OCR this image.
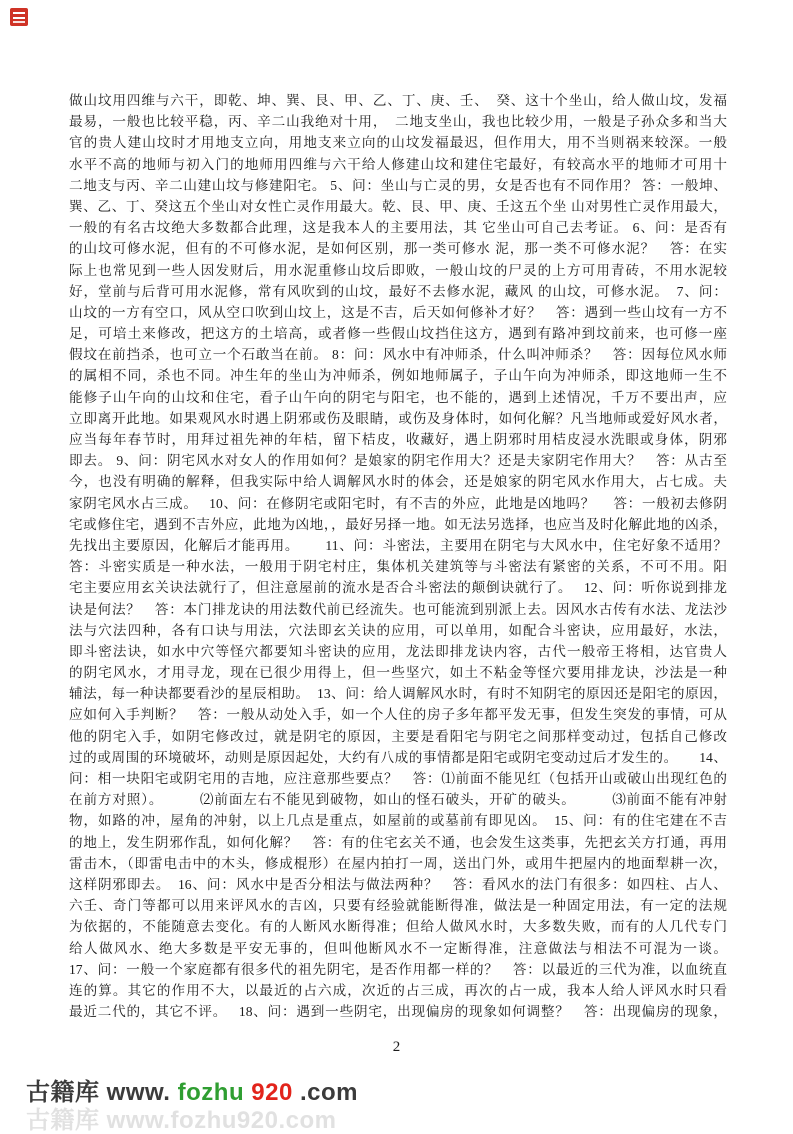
做山坟用四维与六干，即乾、坤、巽、艮、甲、乙、丁、庚、壬、　癸、这十个坐山，给人做山坟，发福
最易，一般也比较平稳，丙、辛二山我绝对十用，　二地支坐山，我也比较少用，一般是子孙众多和当大
官的贵人建山坟时才用地支立向，用地支来立向的山坟发福最迟，但作用大，用不当则祸来较深。一般
水平不高的地师与初入门的地师用四维与六干给人修建山坟和建住宅最好，有较高水平的地师才可用十
二地支与丙、辛二山建山坟与修建阳宅。 5、问：坐山与亡灵的男，女是否也有不同作用？ 答：一般坤、
巽、乙、丁、癸这五个坐山对女性亡灵作用最大。乾、艮、甲、庚、壬这五个坐 山对男性亡灵作用最大，
一般的有名古坟绝大多数都合此理，这是我本人的主要用法，其 它坐山可自己去考证。 6、问：是否有
的山坟可修水泥，但有的不可修水泥，是如何区别，那一类可修水 泥，那一类不可修水泥？　答：在实
际上也常见到一些人因发财后，用水泥重修山坟后即败，一般山坟的尸灵的上方可用青砖，不用水泥较
好，堂前与后背可用水泥修，常有风吹到的山坟，最好不去修水泥，藏风 的山坟，可修水泥。　7、问：
山坟的一方有空口，风从空口吹到山坟上，这是不吉，后天如何修补才好？　答：遇到一些山坟有一方不
足，可培土来修改，把这方的土培高，或者修一些假山坟挡住这方，遇到有路冲到坟前来，也可修一座
假坟在前挡杀，也可立一个石敢当在前。 8：问：风水中有冲师杀，什么叫冲师杀？　答：因每位风水师
的属相不同，杀也不同。冲生年的坐山为冲师杀，例如地师属子，子山午向为冲师杀，即这地师一生不
能修子山午向的山坟和住宅，看子山午向的阴宅与阳宅，也不能的，遇到上述情况，千万不要出声，应
立即离开此地。如果观风水时遇上阴邪或伤及眼睛，或伤及身体时，如何化解？凡当地师或爱好风水者，
应当每年春节时，用拜过祖先神的年桔，留下桔皮，收藏好，遇上阴邪时用桔皮浸水洗眼或身体，阴邪
即去。 9、问：阴宅风水对女人的作用如何？是娘家的阴宅作用大？还是夫家阴宅作用大？　答：从古至
今，也没有明确的解释，但我实际中给人调解风水时的体会，还是娘家的阴宅风水作用大，占七成。夫
家阴宅风水占三成。　 10、问：在修阴宅或阳宅时，有不吉的外应，此地是凶地吗？　 答：一般初去修阴
宅或修住宅，遇到不吉外应，此地为凶地，，最好另择一地。如无法另选择，也应当及时化解此地的凶杀，
先找出主要原因，化解后才能再用。　　 11、问：斗密法，主要用在阴宅与大风水中，住宅好象不适用？
答：斗密实质是一种水法，一般用于阴宅村庄，集体机关建筑等与斗密法有紧密的关系，不可不用。阳
宅主要应用玄关诀法就行了，但注意屋前的流水是否合斗密法的颠倒诀就行了。　 12、问：听你说到排龙
诀是何法？　答：本门排龙诀的用法数代前已经流失。也可能流到别派上去。因风水古传有水法、龙法沙
法与穴法四种，各有口诀与用法，穴法即玄关诀的应用，可以单用，如配合斗密诀，应用最好，水法，
即斗密法诀，如水中穴等怪穴都要知斗密诀的应用，龙法即排龙诀内容，古代一般帝王将相，达官贵人
的阴宅风水，才用寻龙，现在已很少用得上，但一些坚穴，如土不粘金等怪穴要用排龙诀，沙法是一种
辅法，每一种诀都要看沙的星辰相助。　13、问：给人调解风水时，有时不知阴宅的原因还是阳宅的原因，
应如何入手判断？　答：一般从动处入手，如一个人住的房子多年都平发无事，但发生突发的事情，可从
他的阴宅入手，如阴宅修改过，就是阴宅的原因，主要是看阳宅与阴宅之间那样变动过，包括自己修改
过的或周围的环境破坏，动则是原因起处，大约有八成的事情都是阳宅或阴宅变动过后才发生的。　　14、
问：相一块阳宅或阴宅用的吉地，应注意那些要点？　答：⑴前面不能见红（包括开山或破山出现红色的
在前方对照）。　　　⑵前面左右不能见到破物，如山的怪石破头，开矿的破头。　　　⑶前面不能有冲射
物，如路的冲，屋角的冲射，以上几点是重点，如屋前的或墓前有即见凶。　15、问：有的住宅建在不吉
的地上，发生阴邪作乱，如何化解？　答：有的住宅玄关不通，也会发生这类事，先把玄关方打通，再用
雷击木，（即雷电击中的木头，修成棍形）在屋内拍打一周，送出门外，或用牛把屋内的地面犁耕一次，
这样阴邪即去。　16、问：风水中是否分相法与做法两种？　答：看风水的法门有很多：如四柱、占人、
六壬、奇门等都可以用来评风水的吉凶，只要有经验就能断得准，做法是一种固定用法，有一定的法规
为依据的，不能随意去变化。有的人断风水断得准；但给人做风水时，大多数失败，而有的人几代专门
给人做风水、绝大多数是平安无事的，但叫他断风水不一定断得准，注意做法与相法不可混为一谈。
17、问：一般一个家庭都有很多代的祖先阴宅，是否作用都一样的？　答：以最近的三代为准，以血统直
连的算。其它的作用不大，以最近的占六成，次近的占三成，再次的占一成，我本人给人评风水时只看
最近二代的，其它不评。　 18、问：遇到一些阴宅，出现偏房的现象如何调整？　答：出现偏房的现象，
2
古籍库 www. fozhu 920 .com
古籍库 www.fozhu920.com
